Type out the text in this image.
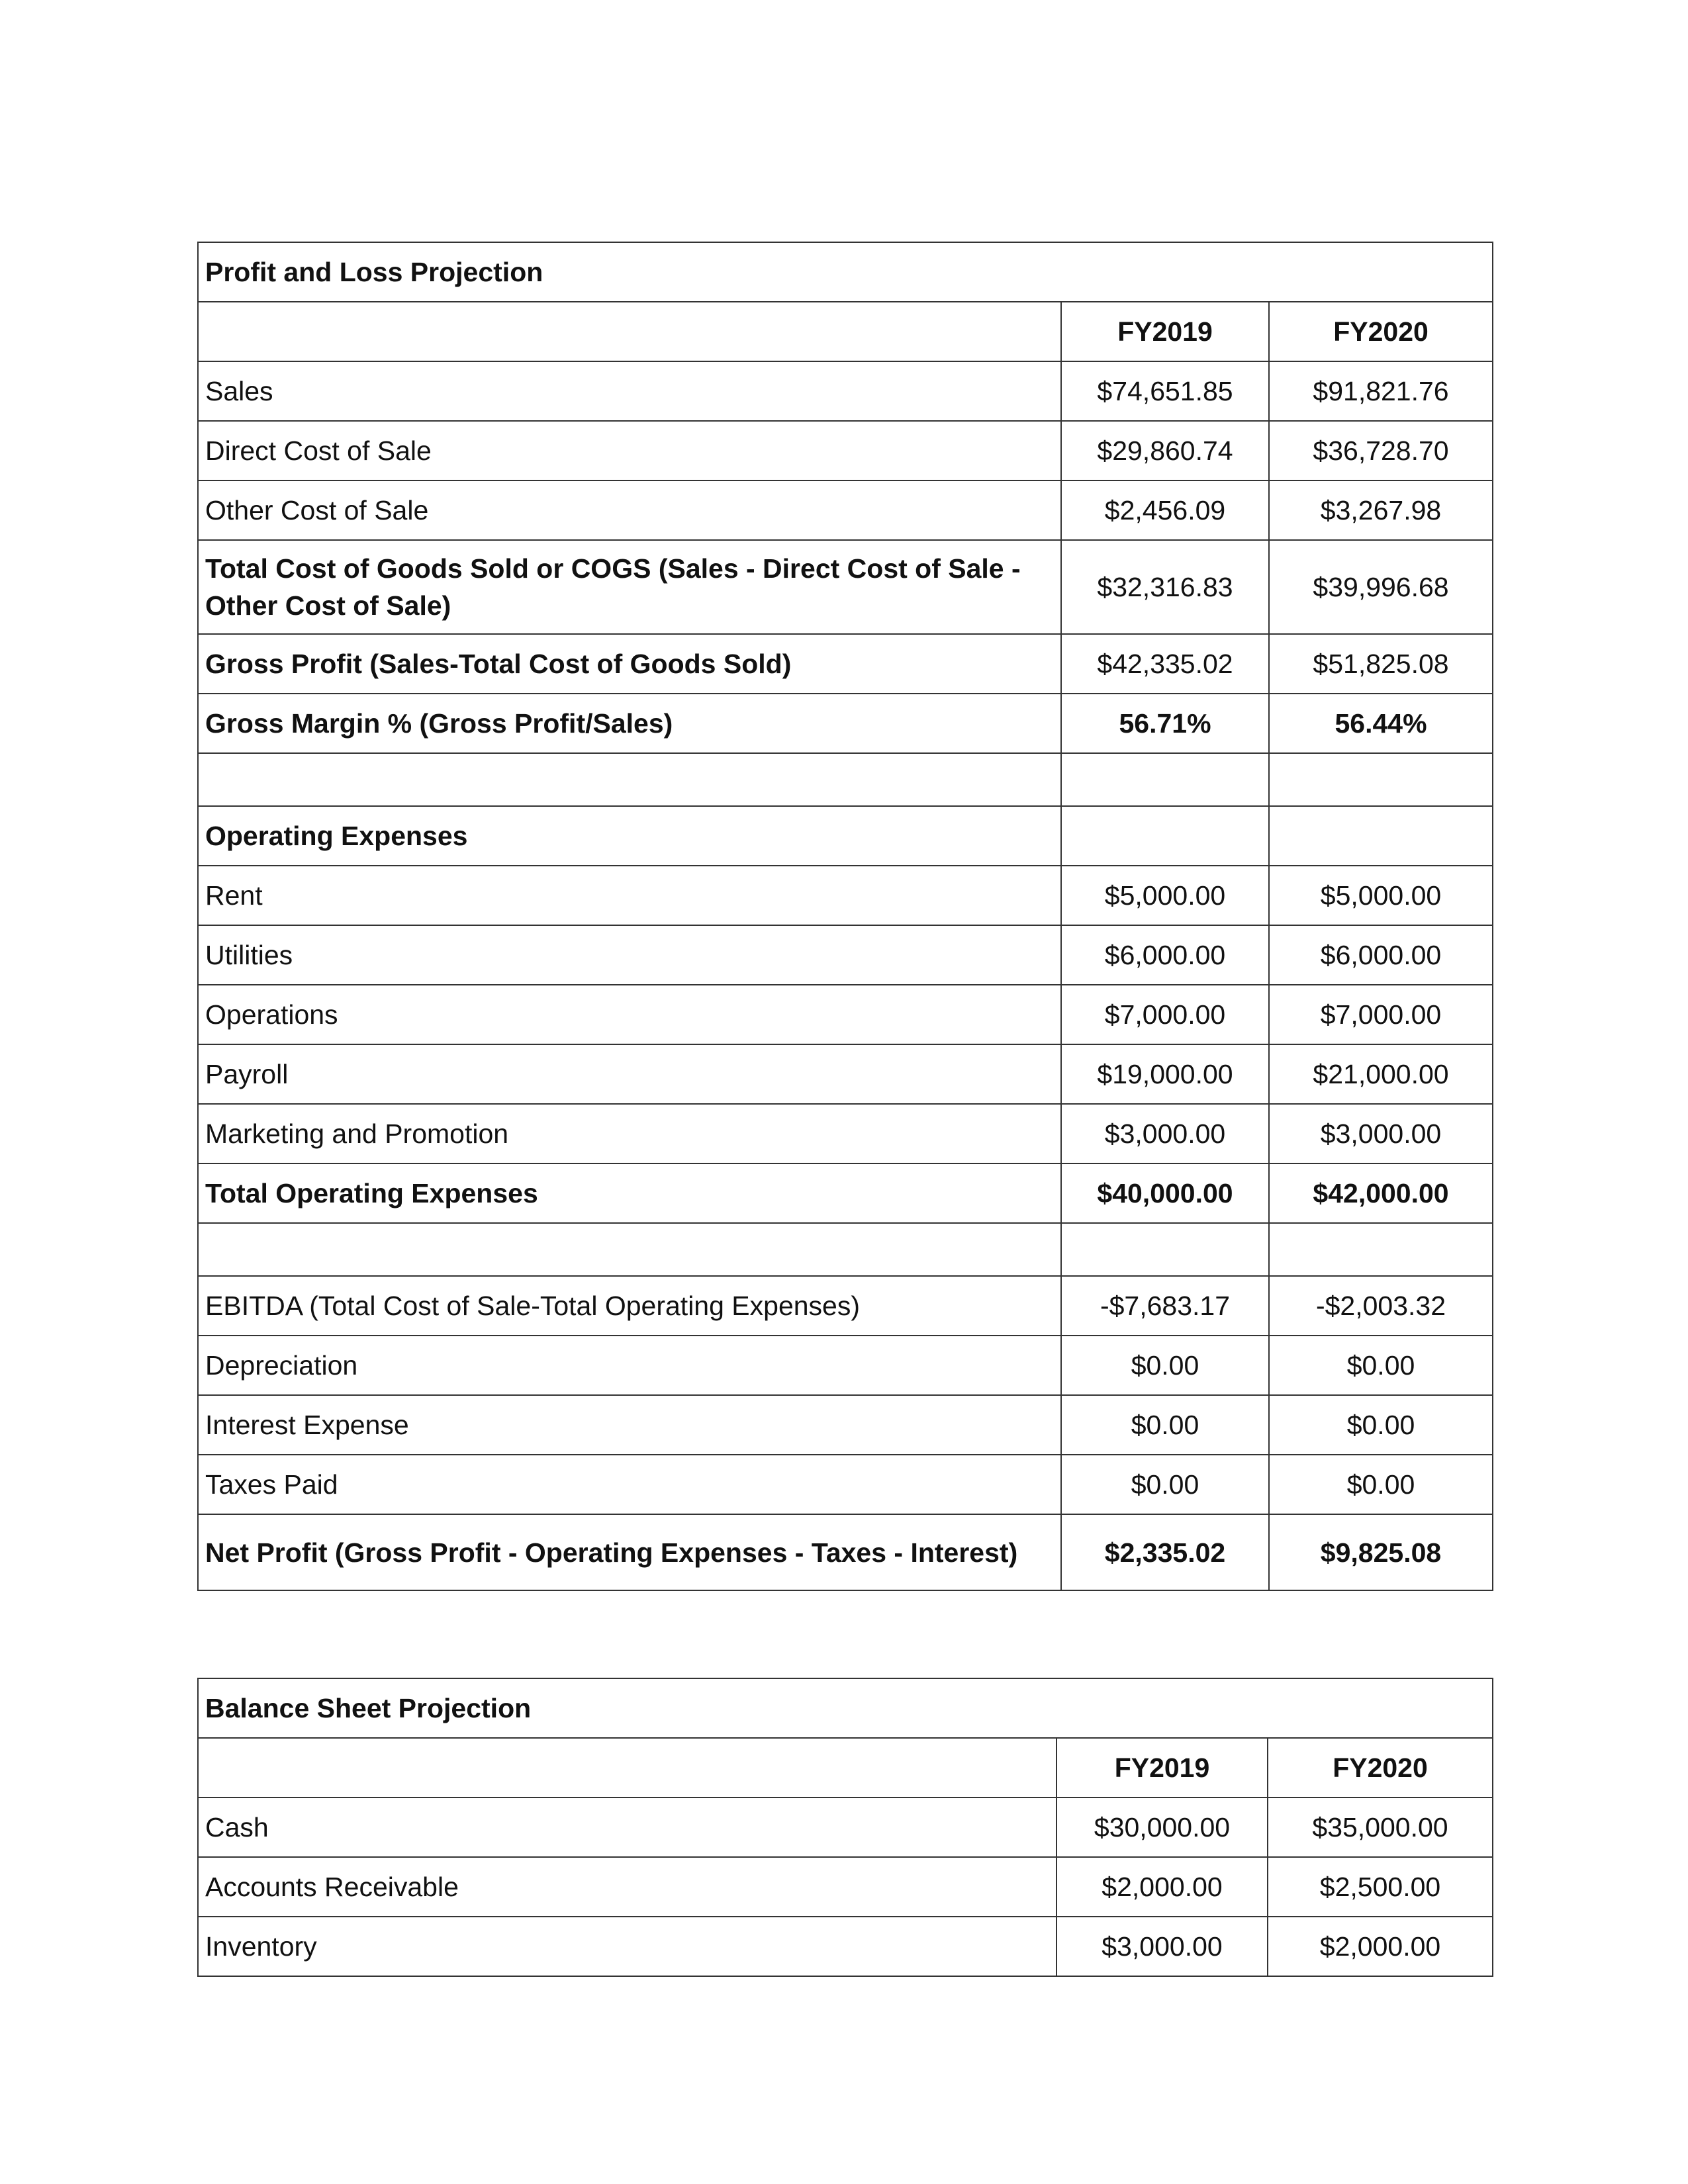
Profit and Loss Projection		
	FY2019	FY2020
Sales	$74,651.85	$91,821.76
Direct Cost of Sale	$29,860.74	$36,728.70
Other Cost of Sale	$2,456.09	$3,267.98
Total Cost of Goods Sold or COGS (Sales - Direct Cost of Sale - Other Cost of Sale)	$32,316.83	$39,996.68
Gross Profit (Sales-Total Cost of Goods Sold)	$42,335.02	$51,825.08
Gross Margin % (Gross Profit/Sales)	56.71%	56.44%

Operating Expenses		
Rent	$5,000.00	$5,000.00
Utilities	$6,000.00	$6,000.00
Operations	$7,000.00	$7,000.00
Payroll	$19,000.00	$21,000.00
Marketing and Promotion	$3,000.00	$3,000.00
Total Operating Expenses	$40,000.00	$42,000.00

EBITDA (Total Cost of Sale-Total Operating Expenses)	-$7,683.17	-$2,003.32
Depreciation	$0.00	$0.00
Interest Expense	$0.00	$0.00
Taxes Paid	$0.00	$0.00
Net Profit (Gross Profit - Operating Expenses - Taxes - Interest)	$2,335.02	$9,825.08
Balance Sheet Projection		
	FY2019	FY2020
Cash	$30,000.00	$35,000.00
Accounts Receivable	$2,000.00	$2,500.00
Inventory	$3,000.00	$2,000.00
